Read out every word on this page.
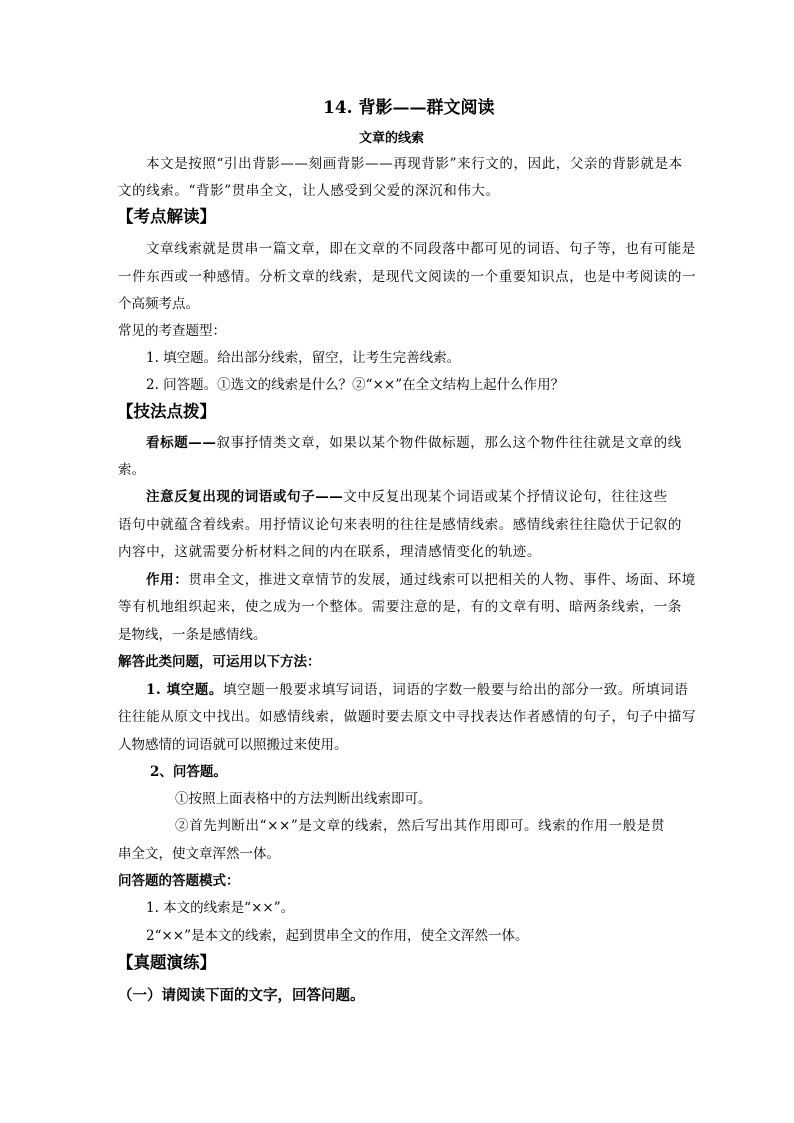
14. 背影——群文阅读
文章的线索
本文是按照“引出背影——刻画背影——再现背影”来行文的，因此，父亲的背影就是本
文的线索。“背影”贯串全文，让人感受到父爱的深沉和伟大。
【考点解读】
文章线索就是贯串一篇文章，即在文章的不同段落中都可见的词语、句子等，也有可能是
一件东西或一种感情。分析文章的线索，是现代文阅读的一个重要知识点，也是中考阅读的一
个高频考点。
常见的考查题型：
1. 填空题。给出部分线索，留空，让考生完善线索。
2. 问答题。①选文的线索是什么？②“××”在全文结构上起什么作用？
【技法点拨】
看标题——叙事抒情类文章，如果以某个物件做标题，那么这个物件往往就是文章的线
索。
注意反复出现的词语或句子——文中反复出现某个词语或某个抒情议论句，往往这些
语句中就蕴含着线索。用抒情议论句来表明的往往是感情线索。感情线索往往隐伏于记叙的
内容中，这就需要分析材料之间的内在联系，理清感情变化的轨迹。
作用：贯串全文，推进文章情节的发展，通过线索可以把相关的人物、事件、场面、环境
等有机地组织起来，使之成为一个整体。需要注意的是，有的文章有明、暗两条线索，一条
是物线，一条是感情线。
解答此类问题，可运用以下方法：
1. 填空题。填空题一般要求填写词语，词语的字数一般要与给出的部分一致。所填词语
往往能从原文中找出。如感情线索，做题时要去原文中寻找表达作者感情的句子，句子中描写
人物感情的词语就可以照搬过来使用。
2、问答题。
①按照上面表格中的方法判断出线索即可。
②首先判断出“××”是文章的线索，然后写出其作用即可。线索的作用一般是贯
串全文，使文章浑然一体。
问答题的答题模式：
1. 本文的线索是“××”。
2“××”是本文的线索，起到贯串全文的作用，使全文浑然一体。
【真题演练】
（一）请阅读下面的文字，回答问题。
